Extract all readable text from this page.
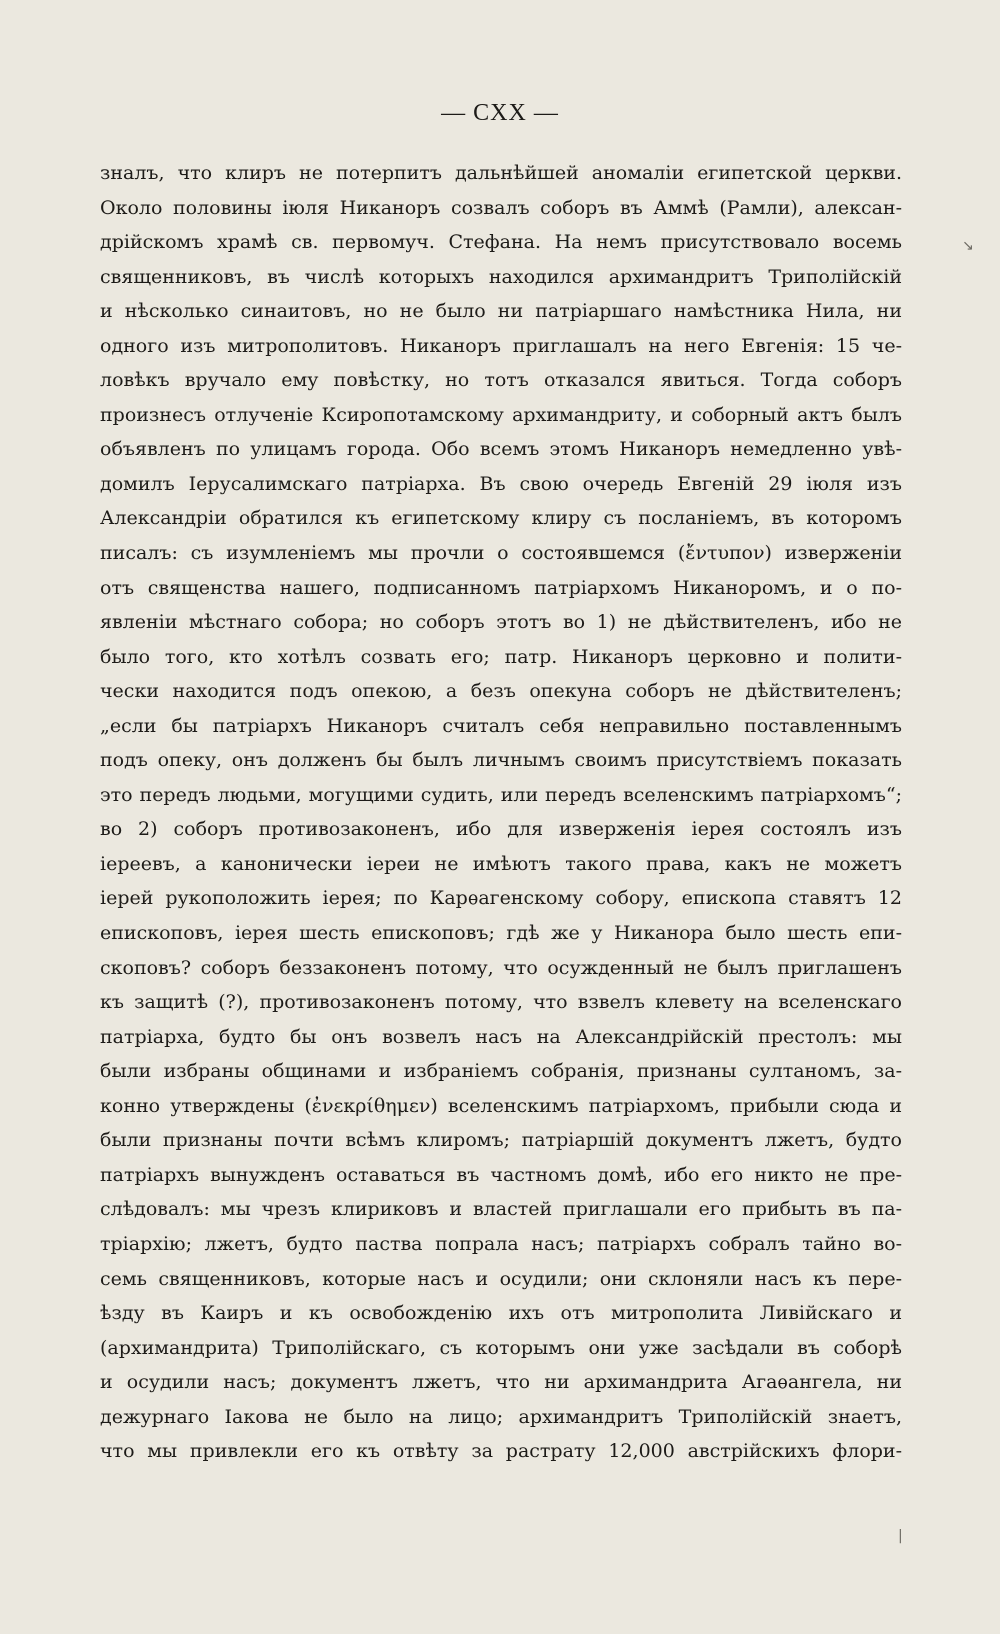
— CXX —
зналъ, что клиръ не потерпитъ дальнѣйшей аномаліи египетской церкви.
Около половины іюля Никаноръ созвалъ соборъ въ Аммѣ (Рамли), алексан-
дрійскомъ храмѣ св. первомуч. Стефана. На немъ присутствовало восемь
священниковъ, въ числѣ которыхъ находился архимандритъ Триполійскій
и нѣсколько синаитовъ, но не было ни патріаршаго намѣстника Нила, ни
одного изъ митрополитовъ. Никаноръ приглашалъ на него Евгенія: 15 че-
ловѣкъ вручало ему повѣстку, но тотъ отказался явиться. Тогда соборъ
произнесъ отлученіе Ксиропотамскому архимандриту, и соборный актъ былъ
объявленъ по улицамъ города. Обо всемъ этомъ Никаноръ немедленно увѣ-
домилъ Іерусалимскаго патріарха. Въ свою очередь Евгеній 29 іюля изъ
Александріи обратился къ египетскому клиру съ посланіемъ, въ которомъ
писалъ: съ изумленіемъ мы прочли о состоявшемся (ἔντυπον) изверженіи
отъ священства нашего, подписанномъ патріархомъ Никаноромъ, и о по-
явленіи мѣстнаго собора; но соборъ этотъ во 1) не дѣйствителенъ, ибо не
было того, кто хотѣлъ созвать его; патр. Никаноръ церковно и полити-
чески находится подъ опекою, а безъ опекуна соборъ не дѣйствителенъ;
„если бы патріархъ Никаноръ считалъ себя неправильно поставленнымъ
подъ опеку, онъ долженъ бы былъ личнымъ своимъ присутствіемъ показать
это передъ людьми, могущими судить, или передъ вселенскимъ патріархомъ“;
во 2) соборъ противозаконенъ, ибо для изверженія іерея состоялъ изъ
іереевъ, а канонически іереи не имѣютъ такого права, какъ не можетъ
іерей рукоположить іерея; по Карѳагенскому собору, епископа ставятъ 12
епископовъ, іерея шесть епископовъ; гдѣ же у Никанора было шесть епи-
скоповъ? соборъ беззаконенъ потому, что осужденный не былъ приглашенъ
къ защитѣ (?), противозаконенъ потому, что взвелъ клевету на вселенскаго
патріарха, будто бы онъ возвелъ насъ на Александрійскій престолъ: мы
были избраны общинами и избраніемъ собранія, признаны султаномъ, за-
конно утверждены (ἐνεκρίθημεν) вселенскимъ патріархомъ, прибыли сюда и
были признаны почти всѣмъ клиромъ; патріаршій документъ лжетъ, будто
патріархъ вынужденъ оставаться въ частномъ домѣ, ибо его никто не пре-
слѣдовалъ: мы чрезъ клириковъ и властей приглашали его прибыть въ па-
тріархію; лжетъ, будто паства попрала насъ; патріархъ собралъ тайно во-
семь священниковъ, которые насъ и осудили; они склоняли насъ къ пере-
ѣзду въ Каиръ и къ освобожденію ихъ отъ митрополита Ливійскаго и
(архимандрита) Триполійскаго, съ которымъ они уже засѣдали въ соборѣ
и осудили насъ; документъ лжетъ, что ни архимандрита Агаѳангела, ни
дежурнаго Іакова не было на лицо; архимандритъ Триполійскій знаетъ,
что мы привлекли его къ отвѣту за растрату 12,000 австрійскихъ флори-
↘
|
